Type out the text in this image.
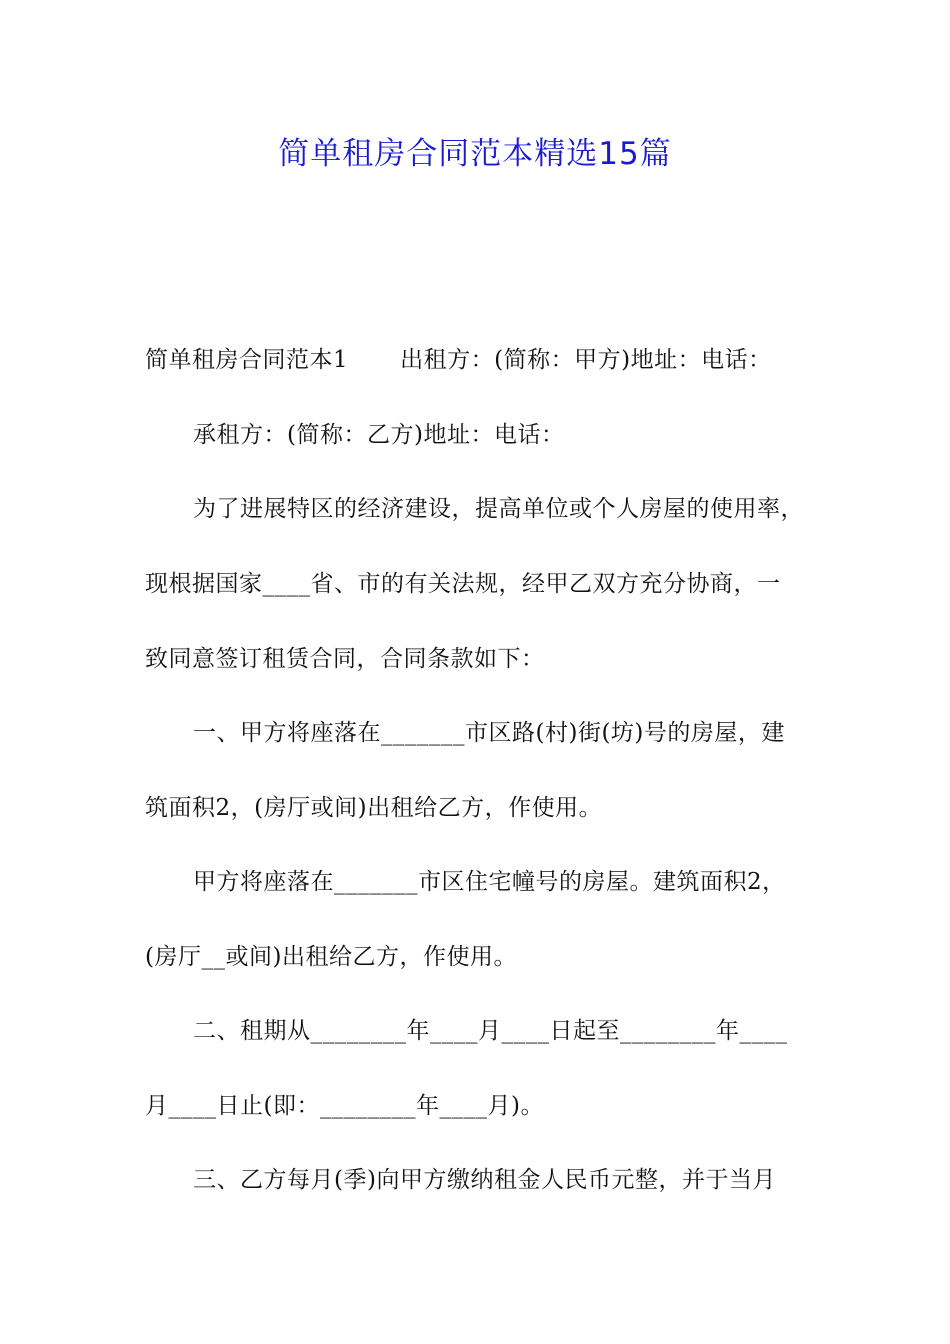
简单租房合同范本精选15篇
简单租房合同范本1 出租方：(简称：甲方)地址：电话：
承租方：(简称：乙方)地址：电话：
为了进展特区的经济建设，提高单位或个人房屋的使用率，
现根据国家____省、市的有关法规，经甲乙双方充分协商，一
致同意签订租赁合同，合同条款如下：
一、甲方将座落在_______市区路(村)街(坊)号的房屋，建
筑面积2，(房厅或间)出租给乙方，作使用。
甲方将座落在_______市区住宅幢号的房屋。建筑面积2，
(房厅__或间)出租给乙方，作使用。
二、租期从________年____月____日起至________年____
月____日止(即：________年____月)。
三、乙方每月(季)向甲方缴纳租金人民币元整，并于当月
